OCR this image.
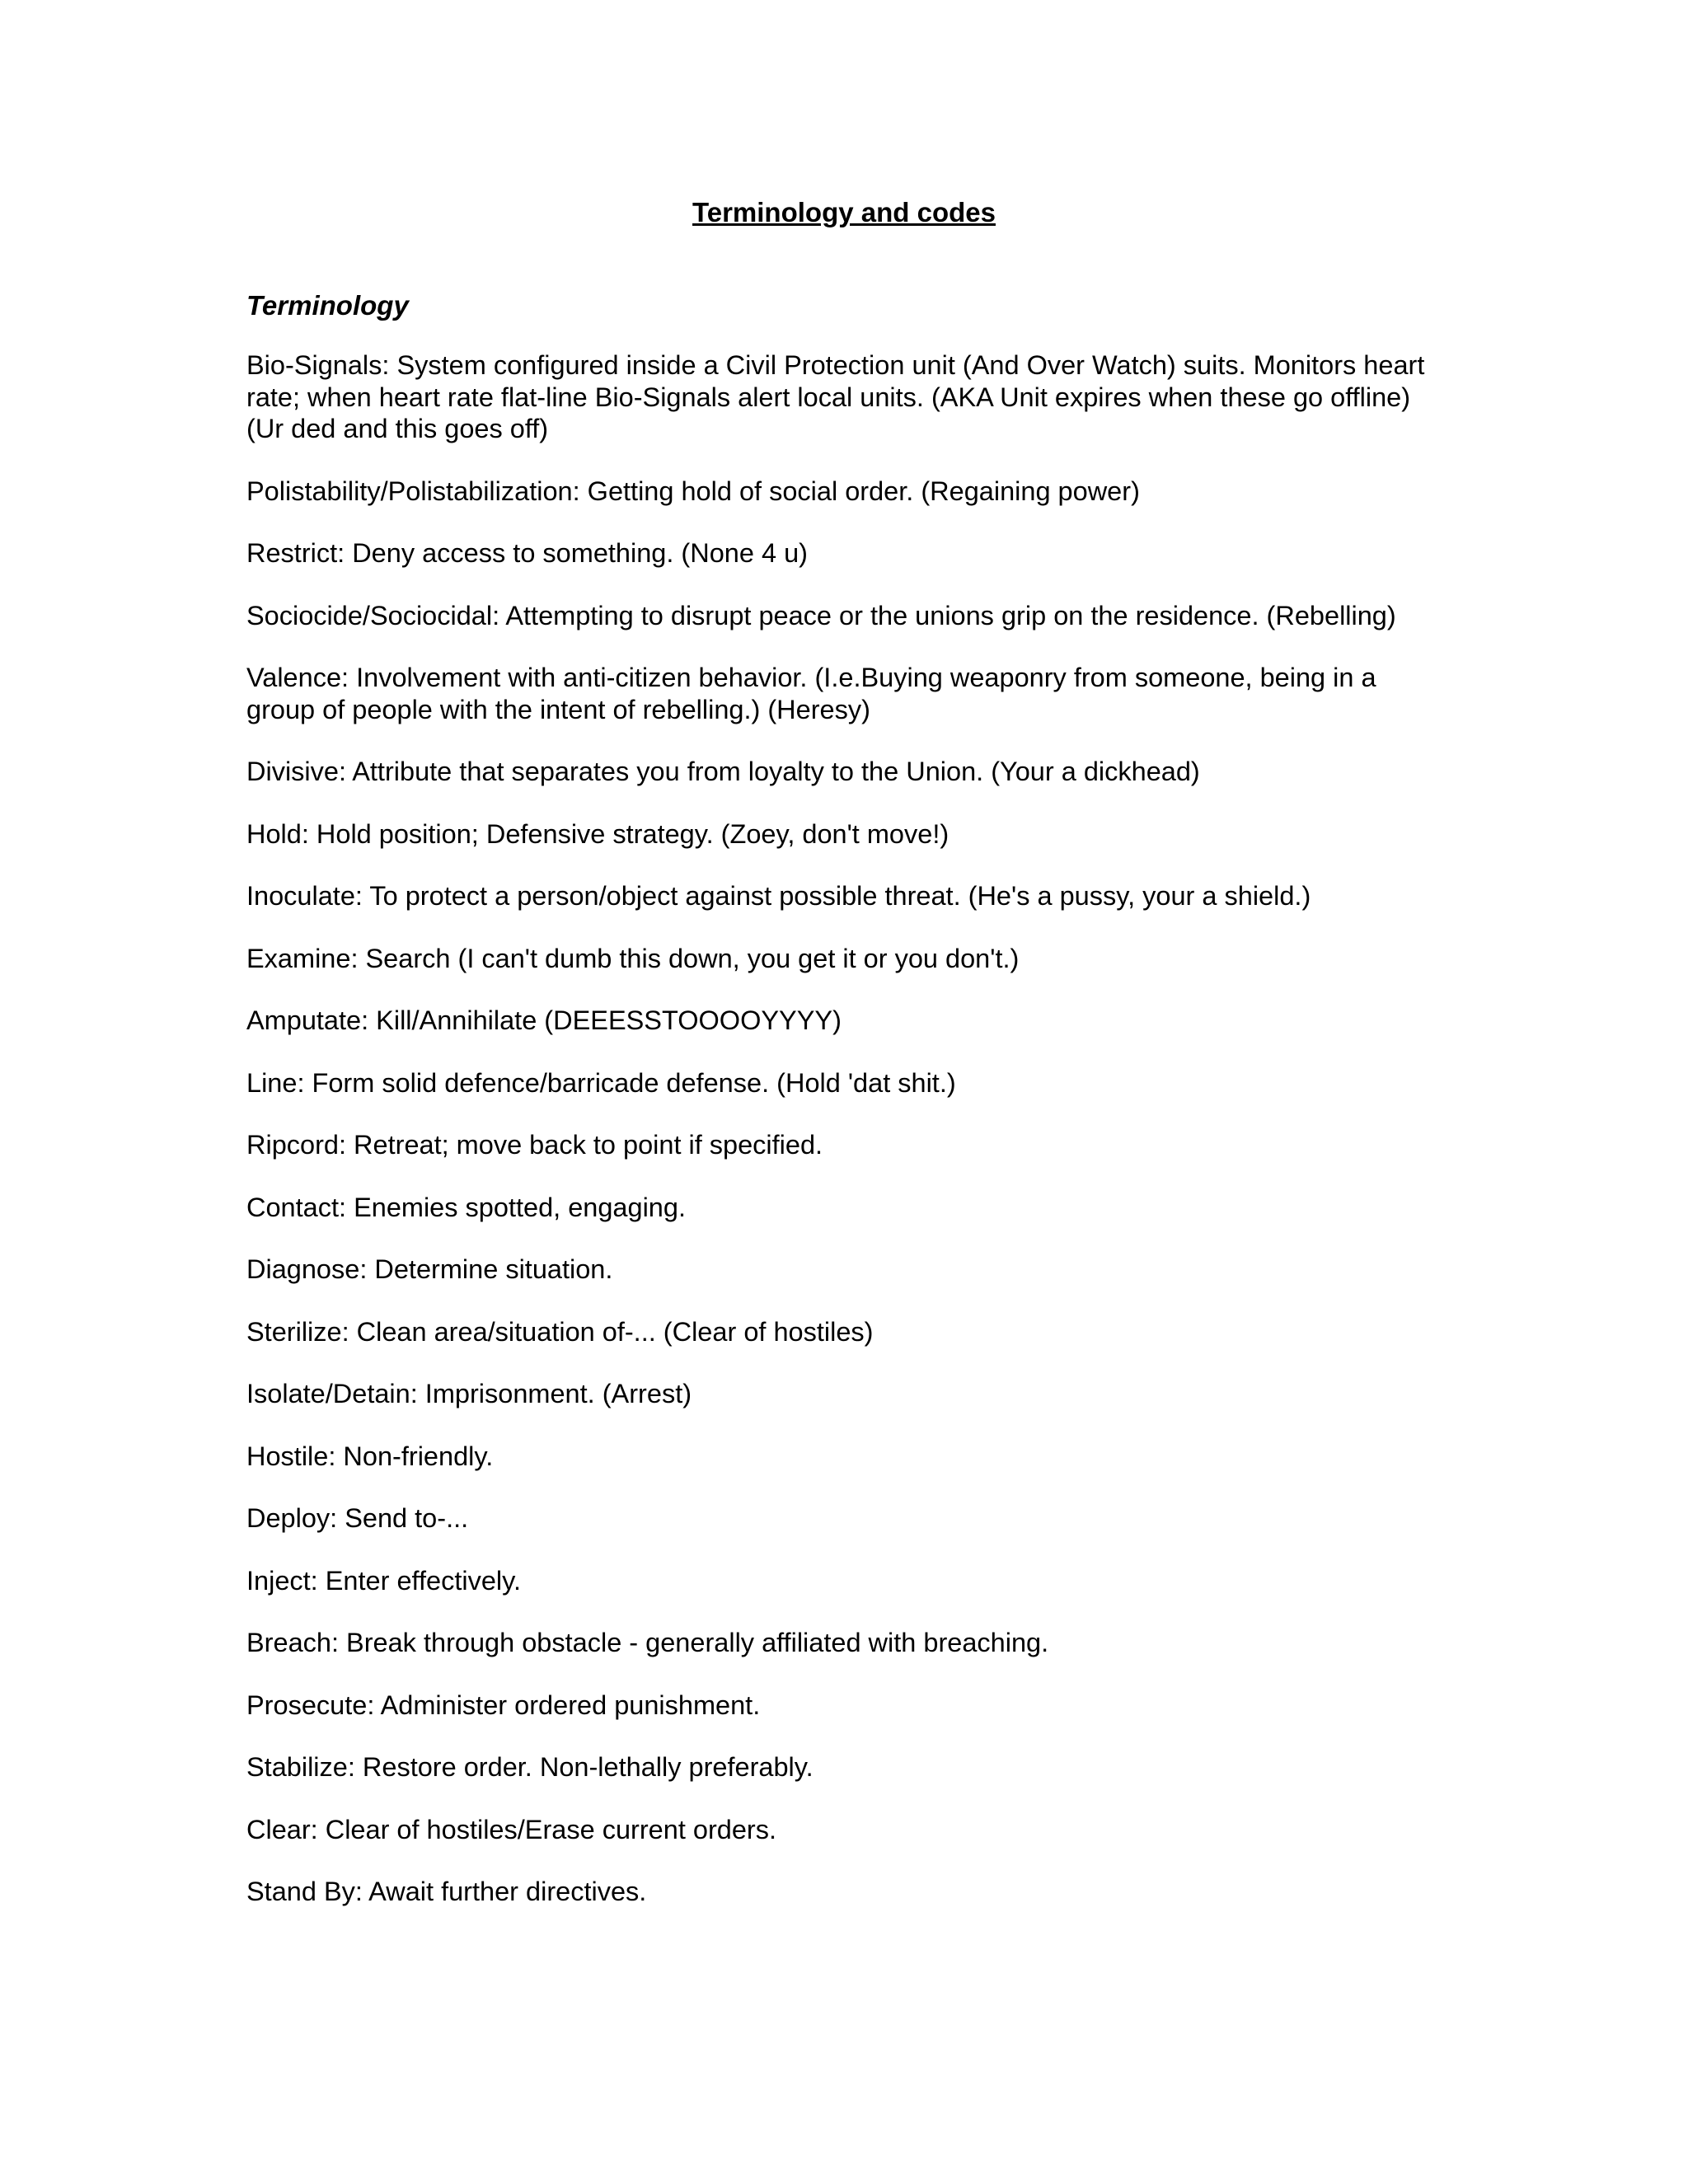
Terminology and codes
Terminology
Bio-Signals: System configured inside a Civil Protection unit (And Over Watch) suits. Monitors heart rate; when heart rate flat-line Bio-Signals alert local units. (AKA Unit expires when these go offline) (Ur ded and this goes off)
Polistability/Polistabilization: Getting hold of social order. (Regaining power)
Restrict: Deny access to something. (None 4 u)
Sociocide/Sociocidal: Attempting to disrupt peace or the unions grip on the residence. (Rebelling)
Valence: Involvement with anti-citizen behavior. (I.e.Buying weaponry from someone, being in a group of people with the intent of rebelling.) (Heresy)
Divisive: Attribute that separates you from loyalty to the Union. (Your a dickhead)
Hold: Hold position; Defensive strategy. (Zoey, don't move!)
Inoculate: To protect a person/object against possible threat. (He's a pussy, your a shield.)
Examine: Search (I can't dumb this down, you get it or you don't.)
Amputate: Kill/Annihilate (DEEESSTOOOOYYYY)
Line: Form solid defence/barricade defense. (Hold 'dat shit.)
Ripcord: Retreat; move back to point if specified.
Contact: Enemies spotted, engaging.
Diagnose: Determine situation.
Sterilize: Clean area/situation of-... (Clear of hostiles)
Isolate/Detain: Imprisonment. (Arrest)
Hostile: Non-friendly.
Deploy: Send to-...
Inject: Enter effectively.
Breach: Break through obstacle - generally affiliated with breaching.
Prosecute: Administer ordered punishment.
Stabilize: Restore order. Non-lethally preferably.
Clear: Clear of hostiles/Erase current orders.
Stand By: Await further directives.
